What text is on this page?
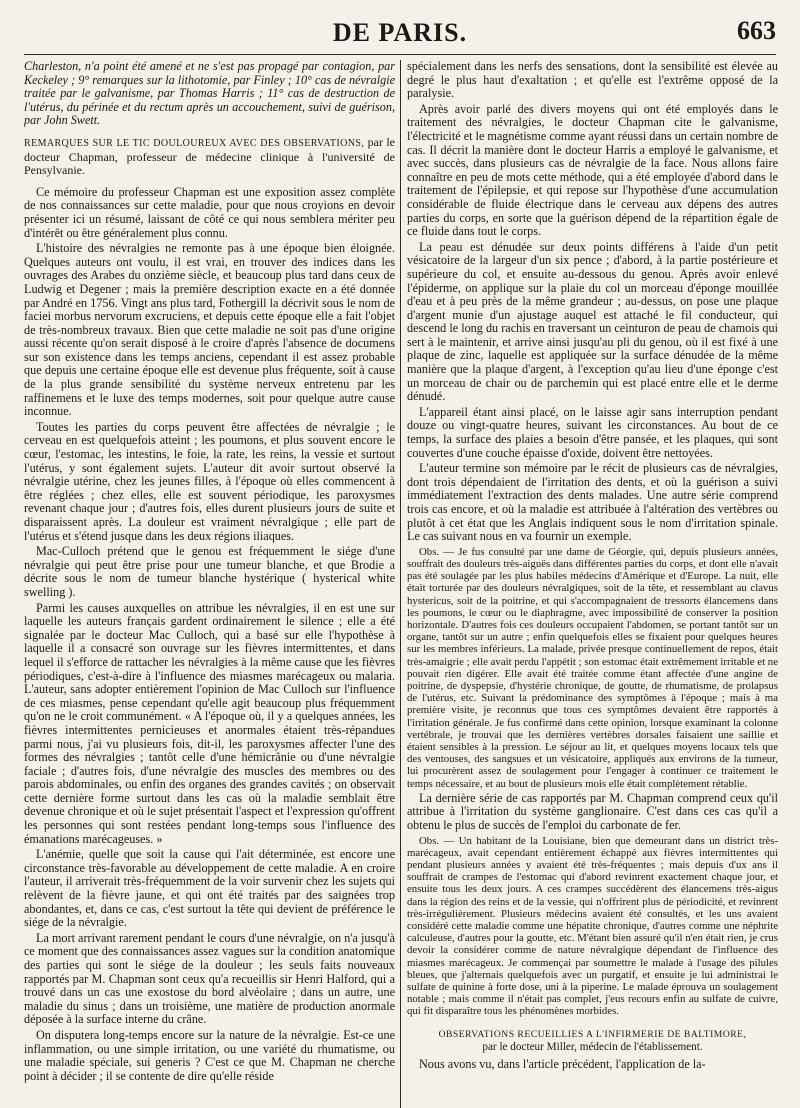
DE PARIS.	663

Charleston, n'a point été amené et ne s'est pas propagé par contagion, par Keckeley ; 9° remarques sur la lithotomie, par Finley ; 10° cas de névralgie traitée par le galvanisme, par Thomas Harris ; 11° cas de destruction de l'utérus, du périnée et du rectum après un accouchement, suivi de guérison, par John Swett.

REMARQUES SUR LE TIC DOULOUREUX AVEC DES OBSERVATIONS, par le docteur Chapman, professeur de médecine clinique à l'université de Pensylvanie.

Ce mémoire du professeur Chapman est une exposition assez complète de nos connaissances sur cette maladie, pour que nous croyions en devoir présenter ici un résumé, laissant de côté ce qui nous semblera mériter peu d'intérêt ou être généralement plus connu.

L'histoire des névralgies ne remonte pas à une époque bien éloignée. Quelques auteurs ont voulu, il est vrai, en trouver des indices dans les ouvrages des Arabes du onzième siècle, et beaucoup plus tard dans ceux de Ludwig et Degener ; mais la première description exacte en a été donnée par André en 1756. Vingt ans plus tard, Fothergill la décrivit sous le nom de faciei morbus nervorum excruciens, et depuis cette époque elle a fait l'objet de très-nombreux travaux. Bien que cette maladie ne soit pas d'une origine aussi récente qu'on serait disposé à le croire d'après l'absence de documens sur son existence dans les temps anciens, cependant il est assez probable que depuis une certaine époque elle est devenue plus fréquente, soit à cause de la plus grande sensibilité du système nerveux entretenu par les raffinemens et le luxe des temps modernes, soit pour quelque autre cause inconnue.

Toutes les parties du corps peuvent être affectées de névralgie ; le cerveau en est quelquefois atteint ; les poumons, et plus souvent encore le cœur, l'estomac, les intestins, le foie, la rate, les reins, la vessie et surtout l'utérus, y sont également sujets. L'auteur dit avoir surtout observé la névralgie utérine, chez les jeunes filles, à l'époque où elles commencent à être réglées ; chez elles, elle est souvent périodique, les paroxysmes revenant chaque jour ; d'autres fois, elles durent plusieurs jours de suite et disparaissent après. La douleur est vraiment névralgique ; elle part de l'utérus et s'étend jusque dans les deux régions iliaques.

Mac-Culloch prétend que le genou est fréquemment le siége d'une névralgie qui peut être prise pour une tumeur blanche, et que Brodie a décrite sous le nom de tumeur blanche hystérique ( hysterical white swelling ).

Parmi les causes auxquelles on attribue les névralgies, il en est une sur laquelle les auteurs français gardent ordinairement le silence ; elle a été signalée par le docteur Mac Culloch, qui a basé sur elle l'hypothèse à laquelle il a consacré son ouvrage sur les fièvres intermittentes, et dans lequel il s'efforce de rattacher les névralgies à la même cause que les fièvres périodiques, c'est-à-dire à l'influence des miasmes marécageux ou malaria. L'auteur, sans adopter entièrement l'opinion de Mac Culloch sur l'influence de ces miasmes, pense cependant qu'elle agit beaucoup plus fréquemment qu'on ne le croit communément. « A l'époque où, il y a quelques années, les fièvres intermittentes pernicieuses et anormales étaient très-répandues parmi nous, j'ai vu plusieurs fois, dit-il, les paroxysmes affecter l'une des formes des névralgies ; tantôt celle d'une hémicrânie ou d'une névralgie faciale ; d'autres fois, d'une névralgie des muscles des membres ou des parois abdominales, ou enfin des organes des grandes cavités ; on observait cette dernière forme surtout dans les cas où la maladie semblait être devenue chronique et où le sujet présentait l'aspect et l'expression qu'offrent les personnes qui sont restées pendant long-temps sous l'influence des émanations marécageuses. »

L'anémie, quelle que soit la cause qui l'ait déterminée, est encore une circonstance très-favorable au développement de cette maladie. A en croire l'auteur, il arriverait très-fréquemment de la voir survenir chez les sujets qui relèvent de la fièvre jaune, et qui ont été traités par des saignées trop abondantes, et, dans ce cas, c'est surtout la tête qui devient de préférence le siége de la névralgie.

La mort arrivant rarement pendant le cours d'une névralgie, on n'a jusqu'à ce moment que des connaissances assez vagues sur la condition anatomique des parties qui sont le siége de la douleur ; les seuls faits nouveaux rapportés par M. Chapman sont ceux qu'a recueillis sir Henri Halford, qui a trouvé dans un cas une exostose du bord alvéolaire ; dans un autre, une maladie du sinus ; dans un troisième, une matière de production anormale déposée à la surface interne du crâne.

On disputera long-temps encore sur la nature de la névralgie. Est-ce une inflammation, ou une simple irritation, ou une variété du rhumatisme, ou une maladie spéciale, sui generis ? C'est ce que M. Chapman ne cherche point à décider ; il se contente de dire qu'elle réside

spécialement dans les nerfs des sensations, dont la sensibilité est élevée au degré le plus haut d'exaltation ; et qu'elle est l'extrême opposé de la paralysie.

Après avoir parlé des divers moyens qui ont été employés dans le traitement des névralgies, le docteur Chapman cite le galvanisme, l'électricité et le magnétisme comme ayant réussi dans un certain nombre de cas. Il décrit la manière dont le docteur Harris a employé le galvanisme, et avec succès, dans plusieurs cas de névralgie de la face. Nous allons faire connaître en peu de mots cette méthode, qui a été employée d'abord dans le traitement de l'épilepsie, et qui repose sur l'hypothèse d'une accumulation considérable de fluide électrique dans le cerveau aux dépens des autres parties du corps, en sorte que la guérison dépend de la répartition égale de ce fluide dans tout le corps.

La peau est dénudée sur deux points différens à l'aide d'un petit vésicatoire de la largeur d'un six pence ; d'abord, à la partie postérieure et supérieure du col, et ensuite au-dessous du genou. Après avoir enlevé l'épiderme, on applique sur la plaie du col un morceau d'éponge mouillée d'eau et à peu près de la même grandeur ; au-dessus, on pose une plaque d'argent munie d'un ajustage auquel est attaché le fil conducteur, qui descend le long du rachis en traversant un ceinturon de peau de chamois qui sert à le maintenir, et arrive ainsi jusqu'au pli du genou, où il est fixé à une plaque de zinc, laquelle est appliquée sur la surface dénudée de la même manière que la plaque d'argent, à l'exception qu'au lieu d'une éponge c'est un morceau de chair ou de parchemin qui est placé entre elle et le derme dénudé.

L'appareil étant ainsi placé, on le laisse agir sans interruption pendant douze ou vingt-quatre heures, suivant les circonstances. Au bout de ce temps, la surface des plaies a besoin d'être pansée, et les plaques, qui sont couvertes d'une couche épaisse d'oxide, doivent être nettoyées.

L'auteur termine son mémoire par le récit de plusieurs cas de névralgies, dont trois dépendaient de l'irritation des dents, et où la guérison a suivi immédiatement l'extraction des dents malades. Une autre série comprend trois cas encore, et où la maladie est attribuée à l'altération des vertèbres ou plutôt à cet état que les Anglais indiquent sous le nom d'irritation spinale. Le cas suivant nous en va fournir un exemple.

Obs. — Je fus consulté par une dame de Géorgie, qui, depuis plusieurs années, souffrait des douleurs très-aiguës dans différentes parties du corps, et dont elle n'avait pas été soulagée par les plus habiles médecins d'Amérique et d'Europe. La nuit, elle était torturée par des douleurs névralgiques, soit de la tête, et ressemblant au clavus hystericus, soit de la poitrine, et qui s'accompagnaient de tressorts élancemens dans les poumons, le cœur ou le diaphragme, avec impossibilité de conserver la position horizontale. D'autres fois ces douleurs occupaient l'abdomen, se portant tantôt sur un organe, tantôt sur un autre ; enfin quelquefois elles se fixaient pour quelques heures sur les membres inférieurs. La malade, privée presque continuellement de repos, était très-amaigrie ; elle avait perdu l'appétit ; son estomac était extrêmement irritable et ne pouvait rien digérer. Elle avait été traitée comme étant affectée d'une angine de poitrine, de dyspepsie, d'hystérie chronique, de goutte, de rhumatisme, de prolapsus de l'utérus, etc. Suivant la prédominance des symptômes à l'époque ; mais à ma première visite, je reconnus que tous ces symptômes devaient être rapportés à l'irritation générale. Je fus confirmé dans cette opinion, lorsque examinant la colonne vertébrale, je trouvai que les dernières vertèbres dorsales faisaient une saillie et étaient sensibles à la pression. Le séjour au lit, et quelques moyens locaux tels que des ventouses, des sangsues et un vésicatoire, appliqués aux environs de la tumeur, lui procurèrent assez de soulagement pour l'engager à continuer ce traitement le temps nécessaire, et au bout de plusieurs mois elle était complètement rétablie.

La dernière série de cas rapportés par M. Chapman comprend ceux qu'il attribue à l'irritation du système ganglionaire. C'est dans ces cas qu'il a obtenu le plus de succès de l'emploi du carbonate de fer.

Obs. — Un habitant de la Louisiane, bien que demeurant dans un district très-marécageux, avait cependant entièrement échappé aux fièvres intermittentes qui pendant plusieurs années y avaient été très-fréquentes ; mais depuis d'ux ans il souffrait de crampes de l'estomac qui d'abord revinrent exactement chaque jour, et ensuite tous les deux jours. A ces crampes succédèrent des élancemens très-aigus dans la région des reins et de la vessie, qui n'offrirent plus de périodicité, et revinrent très-irrégulièrement. Plusieurs médecins avaient été consultés, et les uns avaient considéré cette maladie comme une hépatite chronique, d'autres comme une néphrite calculeuse, d'autres pour la goutte, etc. M'étant bien assuré qu'il n'en était rien, je crus devoir la considérer comme de nature névralgique dépendant de l'influence des miasmes marécageux. Je commençai par soumettre le malade à l'usage des pilules bleues, que j'alternais quelquefois avec un purgatif, et ensuite je lui administrai le sulfate de quinine à forte dose, uni à la piperine. Le malade éprouva un soulagement notable ; mais comme il n'était pas complet, j'eus recours enfin au sulfate de cuivre, qui fit disparaître tous les phénomènes morbides.

OBSERVATIONS RECUEILLIES A L'INFIRMERIE DE BALTIMORE,
par le docteur Miller, médecin de l'établissement.

Nous avons vu, dans l'article précédent, l'application de la-
